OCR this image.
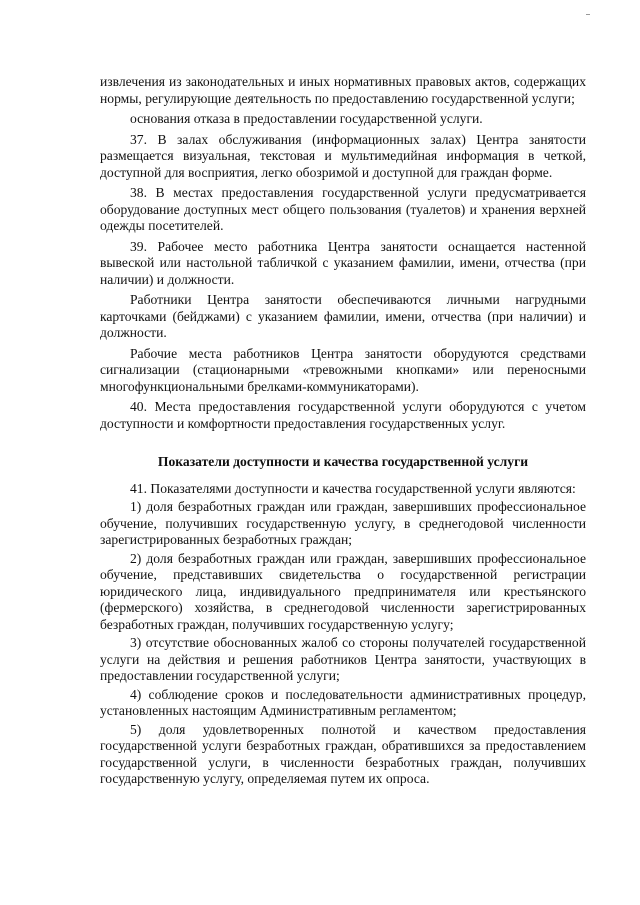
извлечения из законодательных и иных нормативных правовых актов, содержащих нормы, регулирующие деятельность по предоставлению государственной услуги;

основания отказа в предоставлении государственной услуги.

37. В залах обслуживания (информационных залах) Центра занятости размещается визуальная, текстовая и мультимедийная информация в четкой, доступной для восприятия, легко обозримой и доступной для граждан форме.

38. В местах предоставления государственной услуги предусматривается оборудование доступных мест общего пользования (туалетов) и хранения верхней одежды посетителей.

39. Рабочее место работника Центра занятости оснащается настенной вывеской или настольной табличкой с указанием фамилии, имени, отчества (при наличии) и должности.

Работники Центра занятости обеспечиваются личными нагрудными карточками (бейджами) с указанием фамилии, имени, отчества (при наличии) и должности.

Рабочие места работников Центра занятости оборудуются средствами сигнализации (стационарными «тревожными кнопками» или переносными многофункциональными брелками-коммуникаторами).

40. Места предоставления государственной услуги оборудуются с учетом доступности и комфортности предоставления государственных услуг.

Показатели доступности и качества государственной услуги

41. Показателями доступности и качества государственной услуги являются:

1) доля безработных граждан или граждан, завершивших профессиональное обучение, получивших государственную услугу, в среднегодовой численности зарегистрированных безработных граждан;

2) доля безработных граждан или граждан, завершивших профессиональное обучение, представивших свидетельства о государственной регистрации юридического лица, индивидуального предпринимателя или крестьянского (фермерского) хозяйства, в среднегодовой численности зарегистрированных безработных граждан, получивших государственную услугу;

3) отсутствие обоснованных жалоб со стороны получателей государственной услуги на действия и решения работников Центра занятости, участвующих в предоставлении государственной услуги;

4) соблюдение сроков и последовательности административных процедур, установленных настоящим Административным регламентом;

5) доля удовлетворенных полнотой и качеством предоставления государственной услуги безработных граждан, обратившихся за предоставлением государственной услуги, в численности безработных граждан, получивших государственную услугу, определяемая путем их опроса.
